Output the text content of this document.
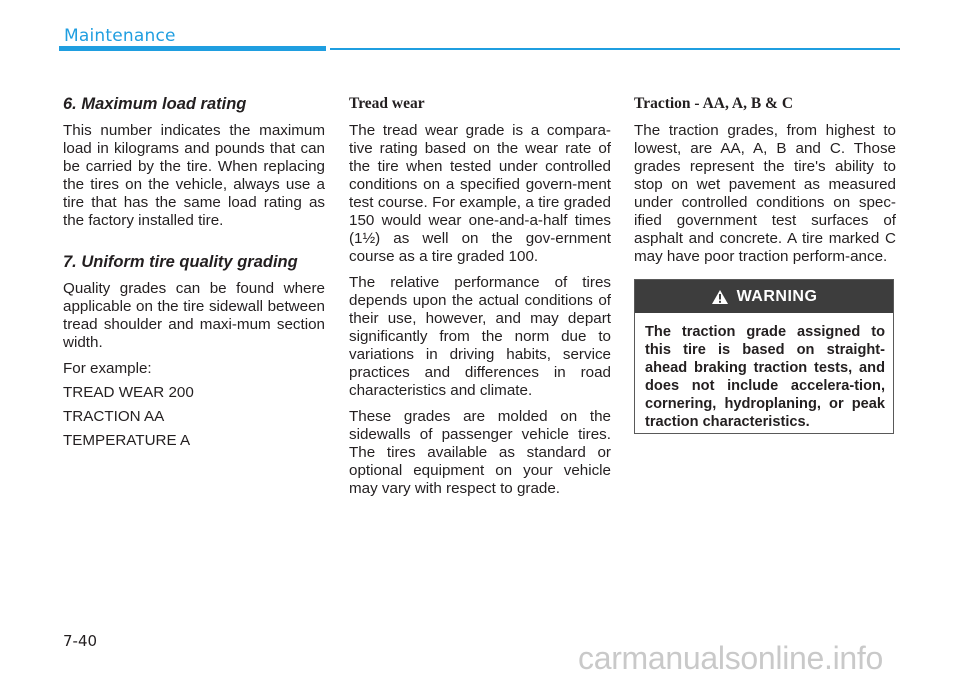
Maintenance
6. Maximum load rating

This number indicates the maximum load in kilograms and pounds that can be carried by the tire. When replacing the tires on the vehicle, always use a tire that has the same load rating as the factory installed tire.

7. Uniform tire quality grading

Quality grades can be found where applicable on the tire sidewall between tread shoulder and maxi-mum section width.

For example:

TREAD WEAR 200

TRACTION AA

TEMPERATURE A

Tread wear

The tread wear grade is a compara-tive rating based on the wear rate of the tire when tested under controlled conditions on a specified govern-ment test course. For example, a tire graded 150 would wear one-and-a-half times (1½) as well on the gov-ernment course as a tire graded 100.

The relative performance of tires depends upon the actual conditions of their use, however, and may depart significantly from the norm due to variations in driving habits, service practices and differences in road characteristics and climate.

These grades are molded on the sidewalls of passenger vehicle tires. The tires available as standard or optional equipment on your vehicle may vary with respect to grade.

Traction - AA, A, B & C

The traction grades, from highest to lowest, are AA, A, B and C. Those grades represent the tire's ability to stop on wet pavement as measured under controlled conditions on spec-ified government test surfaces of asphalt and concrete. A tire marked C may have poor traction perform-ance.

WARNING
The traction grade assigned to this tire is based on straight-ahead braking traction tests, and does not include accelera-tion, cornering, hydroplaning, or peak traction characteristics.
7-40	carmanualsonline.info
